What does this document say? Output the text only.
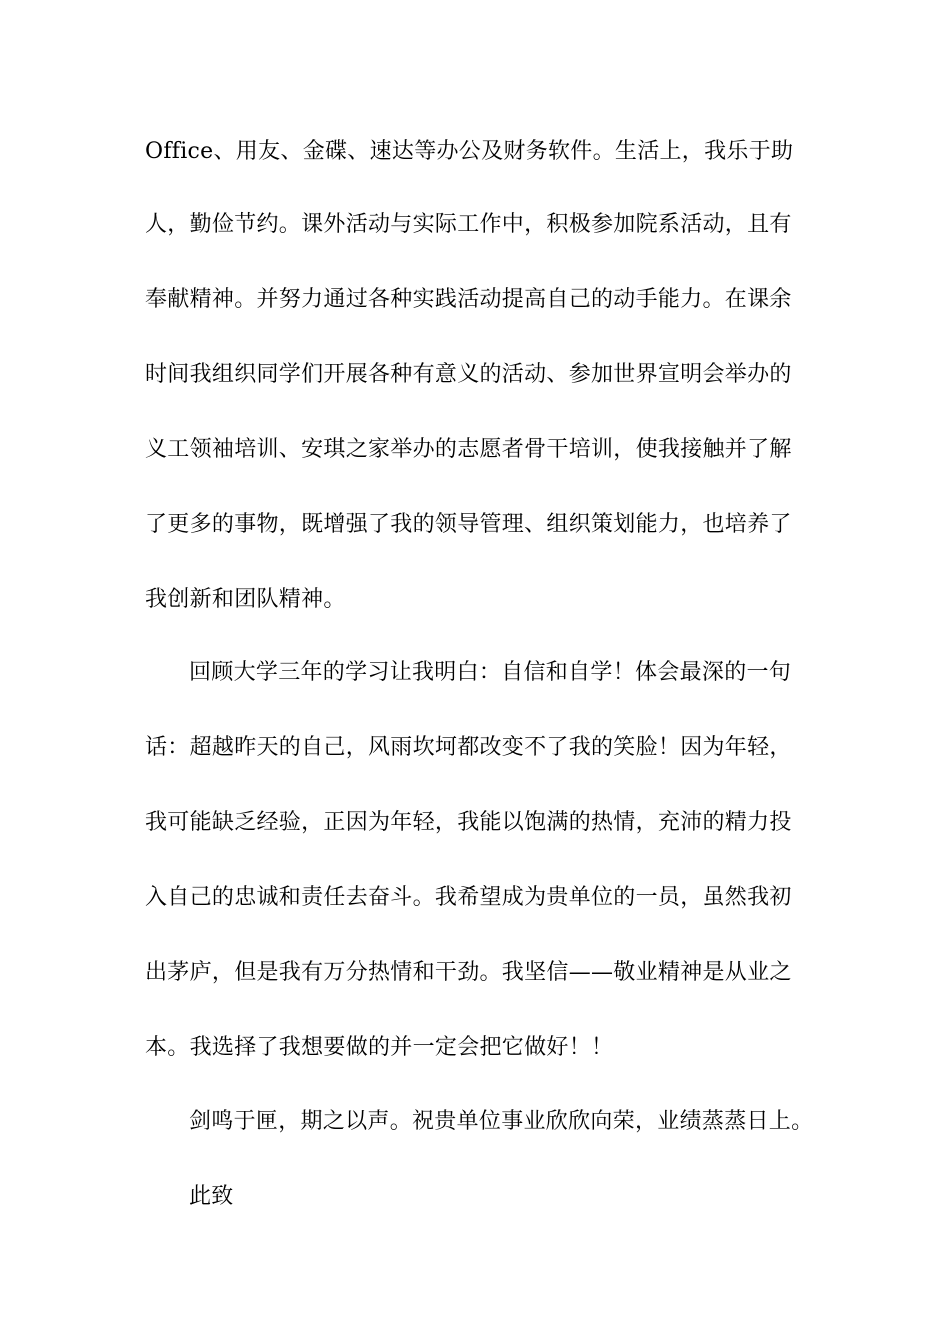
Office、用友、金碟、速达等办公及财务软件。生活上，我乐于助
人，勤俭节约。课外活动与实际工作中，积极参加院系活动，且有
奉献精神。并努力通过各种实践活动提高自己的动手能力。在课余
时间我组织同学们开展各种有意义的活动、参加世界宣明会举办的
义工领袖培训、安琪之家举办的志愿者骨干培训，使我接触并了解
了更多的事物，既增强了我的领导管理、组织策划能力，也培养了
我创新和团队精神。
回顾大学三年的学习让我明白：自信和自学！体会最深的一句
话：超越昨天的自己，风雨坎坷都改变不了我的笑脸！因为年轻，
我可能缺乏经验，正因为年轻，我能以饱满的热情，充沛的精力投
入自己的忠诚和责任去奋斗。我希望成为贵单位的一员，虽然我初
出茅庐，但是我有万分热情和干劲。我坚信——敬业精神是从业之
本。我选择了我想要做的并一定会把它做好！！
剑鸣于匣，期之以声。祝贵单位事业欣欣向荣，业绩蒸蒸日上。
此致
